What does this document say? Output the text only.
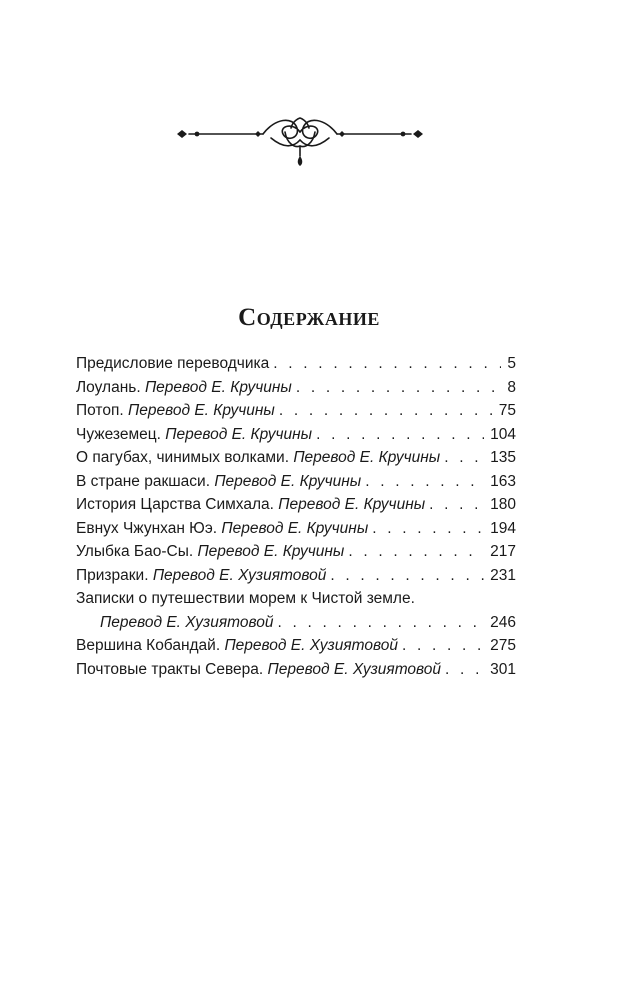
Содержание
Предисловие переводчика . . .	5
Лоулань. Перевод Е. Кручины . . .	8
Потоп. Перевод Е. Кручины . . .	75
Чужеземец. Перевод Е. Кручины . . .	104
О пагубах, чинимых волками. Перевод Е. Кручины . . .	135
В стране ракшаси. Перевод Е. Кручины . . .	163
История Царства Симхала. Перевод Е. Кручины . . .	180
Евнух Чжунхан Юэ. Перевод Е. Кручины . . .	194
Улыбка Бао-Сы. Перевод Е. Кручины . . .	217
Призраки. Перевод Е. Хузиятовой . . .	231
Записки о путешествии морем к Чистой земле.
Перевод Е. Хузиятовой . . .	246
Вершина Кобандай. Перевод Е. Хузиятовой . . .	275
Почтовые тракты Севера. Перевод Е. Хузиятовой . . .	301
